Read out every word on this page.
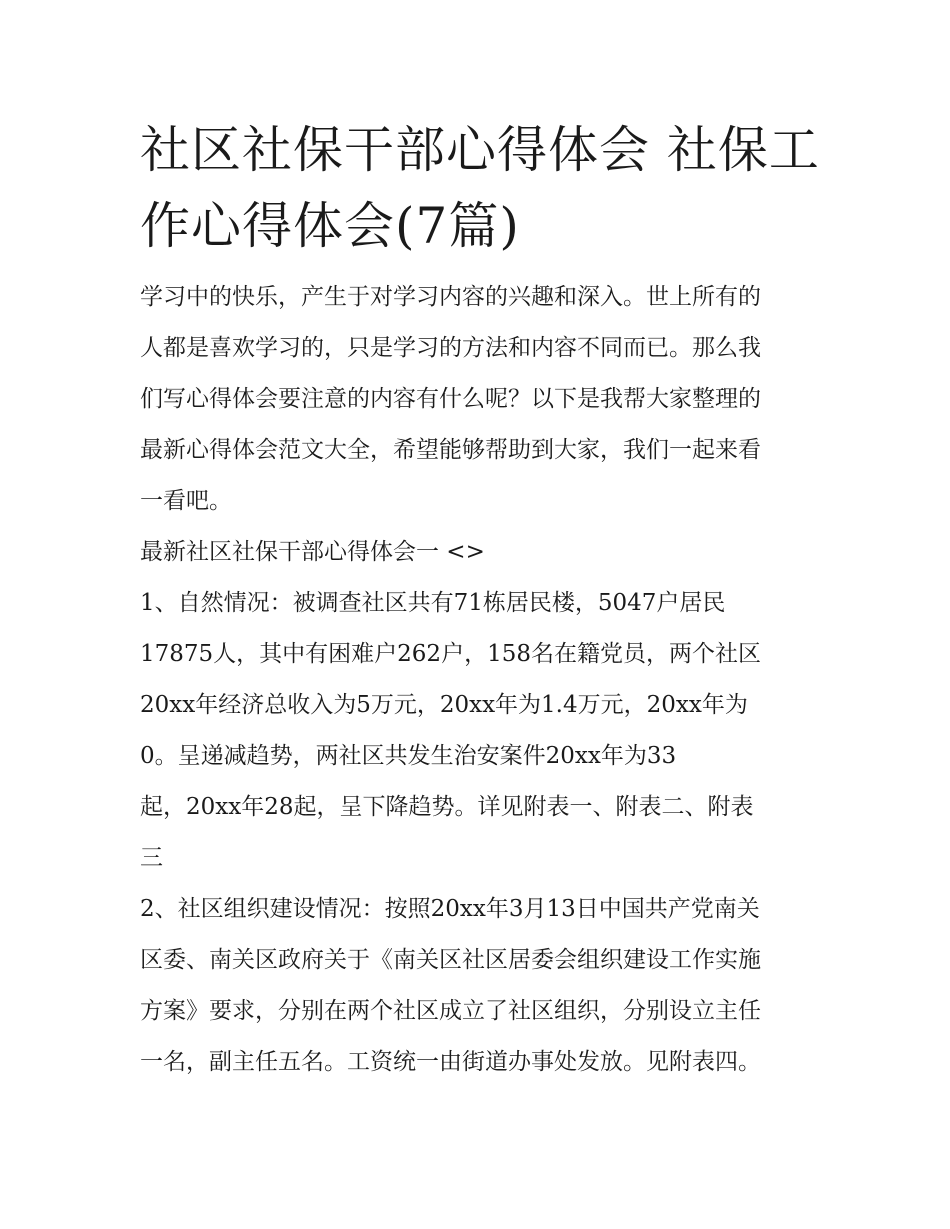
社区社保干部心得体会 社保工
作心得体会(7篇)
学习中的快乐，产生于对学习内容的兴趣和深入。世上所有的
人都是喜欢学习的，只是学习的方法和内容不同而已。那么我
们写心得体会要注意的内容有什么呢？以下是我帮大家整理的
最新心得体会范文大全，希望能够帮助到大家，我们一起来看
一看吧。
最新社区社保干部心得体会一 <>
1、自然情况：被调查社区共有71栋居民楼，5047户居民
17875人，其中有困难户262户，158名在籍党员，两个社区
20xx年经济总收入为5万元，20xx年为1.4万元，20xx年为
0。呈递减趋势，两社区共发生治安案件20xx年为33
起，20xx年28起，呈下降趋势。详见附表一、附表二、附表
三
2、社区组织建设情况：按照20xx年3月13日中国共产党南关
区委、南关区政府关于《南关区社区居委会组织建设工作实施
方案》要求，分别在两个社区成立了社区组织，分别设立主任
一名，副主任五名。工资统一由街道办事处发放。见附表四。
